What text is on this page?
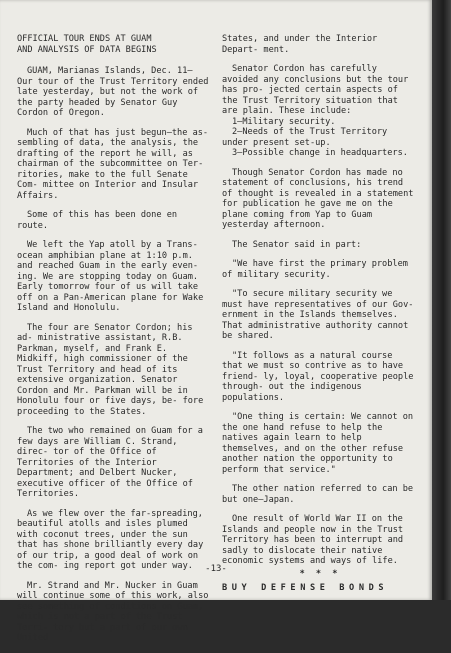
OFFICIAL TOUR ENDS AT GUAM
AND ANALYSIS OF DATA BEGINS

GUAM, Marianas Islands, Dec. 11— Our tour of the Trust Territory ended late yesterday, but not the work of the party headed by Senator Guy Cordon of Oregon.

Much of that has just begun—the as- sembling of data, the analysis, the drafting of the report he will, as chairman of the subcommittee on Ter- ritories, make to the full Senate Com- mittee on Interior and Insular Affairs.

Some of this has been done en route.

We left the Yap atoll by a Trans- ocean amphibian plane at 1:10 p.m. and reached Guam in the early even- ing. We are stopping today on Guam. Early tomorrow four of us will take off on a Pan-American plane for Wake Island and Honolulu.

The four are Senator Cordon; his ad- ministrative assistant, R.B. Parkman, myself, and Frank E. Midkiff, high commissioner of the Trust Territory and head of its extensive organization. Senator Cordon and Mr. Parkman will be in Honolulu four or five days, be- fore proceeding to the States.

The two who remained on Guam for a few days are William C. Strand, direc- tor of the Office of Territories of the Interior Department; and Delbert Nucker, executive officer of the Office of Territories.

As we flew over the far-spreading, beautiful atolls and isles plumed with coconut trees, under the sun that has shone brilliantly every day of our trip, a good deal of work on the com- ing report got under way.

Mr. Strand and Mr. Nucker in Guam will continue some of this work, also see something of conditions on Guam, which is not a part of the Trust Terri- tory but a part of our own United

States, and under the Interior Depart- ment.

Senator Cordon has carefully avoided any conclusions but the tour has pro- jected certain aspects of the Trust Territory situation that are plain. These include:

1—Military security.
2—Needs of the Trust Territory under present set-up.
3—Possible change in headquarters.

Though Senator Cordon has made no statement of conclusions, his trend of thought is revealed in a statement for publication he gave me on the plane coming from Yap to Guam yesterday afternoon.

The Senator said in part:

"We have first the primary problem of military security.

"To secure military security we must have representatives of our Gov- ernment in the Islands themselves. That administrative authority cannot be shared.

"It follows as a natural course that we must so contrive as to have friend- ly, loyal, cooperative people through- out the indigenous populations.

"One thing is certain: We cannot on the one hand refuse to help the natives again learn to help themselves, and on the other refuse another nation the opportunity to perform that service."

The other nation referred to can be but one—Japan.

One result of World War II on the Islands and people now in the Trust Territory has been to interrupt and sadly to dislocate their native economic systems and ways of life.

* * *
BUY DEFENSE BONDS
-13-
